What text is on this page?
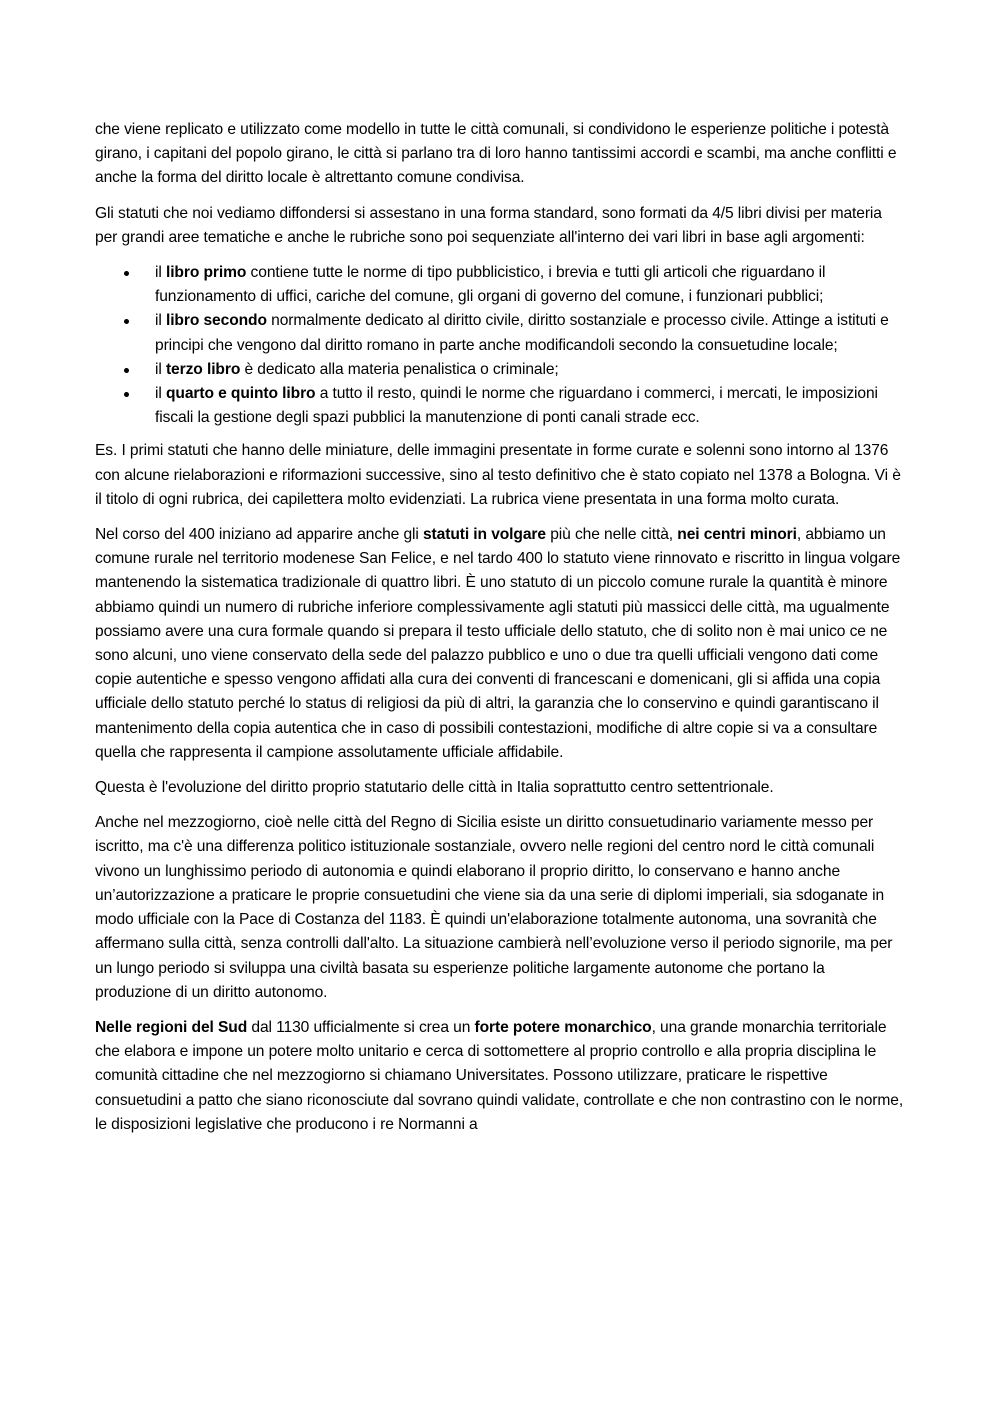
che viene replicato e utilizzato come modello in tutte le città comunali, si condividono le esperienze politiche i potestà girano, i capitani del popolo girano, le città si parlano tra di loro hanno tantissimi accordi e scambi, ma anche conflitti e anche la forma del diritto locale è altrettanto comune condivisa.

Gli statuti che noi vediamo diffondersi si assestano in una forma standard, sono formati da 4/5 libri divisi per materia per grandi aree tematiche e anche le rubriche sono poi sequenziate all'interno dei vari libri in base agli argomenti:

il libro primo contiene tutte le norme di tipo pubblicistico, i brevia e tutti gli articoli che riguardano il funzionamento di uffici, cariche del comune, gli organi di governo del comune, i funzionari pubblici;
il libro secondo normalmente dedicato al diritto civile, diritto sostanziale e processo civile. Attinge a istituti e principi che vengono dal diritto romano in parte anche modificandoli secondo la consuetudine locale;
il terzo libro è dedicato alla materia penalistica o criminale;
il quarto e quinto libro a tutto il resto, quindi le norme che riguardano i commerci, i mercati, le imposizioni fiscali la gestione degli spazi pubblici la manutenzione di ponti canali strade ecc.

Es. I primi statuti che hanno delle miniature, delle immagini presentate in forme curate e solenni sono intorno al 1376 con alcune rielaborazioni e riformazioni successive, sino al testo definitivo che è stato copiato nel 1378 a Bologna. Vi è il titolo di ogni rubrica, dei capilettera molto evidenziati. La rubrica viene presentata in una forma molto curata.

Nel corso del 400 iniziano ad apparire anche gli statuti in volgare più che nelle città, nei centri minori, abbiamo un comune rurale nel territorio modenese San Felice, e nel tardo 400 lo statuto viene rinnovato e riscritto in lingua volgare mantenendo la sistematica tradizionale di quattro libri. È uno statuto di un piccolo comune rurale la quantità è minore abbiamo quindi un numero di rubriche inferiore complessivamente agli statuti più massicci delle città, ma ugualmente possiamo avere una cura formale quando si prepara il testo ufficiale dello statuto, che di solito non è mai unico ce ne sono alcuni, uno viene conservato della sede del palazzo pubblico e uno o due tra quelli ufficiali vengono dati come copie autentiche e spesso vengono affidati alla cura dei conventi di francescani e domenicani, gli si affida una copia ufficiale dello statuto perché lo status di religiosi da più di altri, la garanzia che lo conservino e quindi garantiscano il mantenimento della copia autentica che in caso di possibili contestazioni, modifiche di altre copie si va a consultare quella che rappresenta il campione assolutamente ufficiale affidabile.

Questa è l'evoluzione del diritto proprio statutario delle città in Italia soprattutto centro settentrionale.

Anche nel mezzogiorno, cioè nelle città del Regno di Sicilia esiste un diritto consuetudinario variamente messo per iscritto, ma c'è una differenza politico istituzionale sostanziale, ovvero nelle regioni del centro nord le città comunali vivono un lunghissimo periodo di autonomia e quindi elaborano il proprio diritto, lo conservano e hanno anche un’autorizzazione a praticare le proprie consuetudini che viene sia da una serie di diplomi imperiali, sia sdoganate in modo ufficiale con la Pace di Costanza del 1183. È quindi un'elaborazione totalmente autonoma, una sovranità che affermano sulla città, senza controlli dall'alto. La situazione cambierà nell’evoluzione verso il periodo signorile, ma per un lungo periodo si sviluppa una civiltà basata su esperienze politiche largamente autonome che portano la produzione di un diritto autonomo.

Nelle regioni del Sud dal 1130 ufficialmente si crea un forte potere monarchico, una grande monarchia territoriale che elabora e impone un potere molto unitario e cerca di sottomettere al proprio controllo e alla propria disciplina le comunità cittadine che nel mezzogiorno si chiamano Universitates. Possono utilizzare, praticare le rispettive consuetudini a patto che siano riconosciute dal sovrano quindi validate, controllate e che non contrastino con le norme, le disposizioni legislative che producono i re Normanni a
